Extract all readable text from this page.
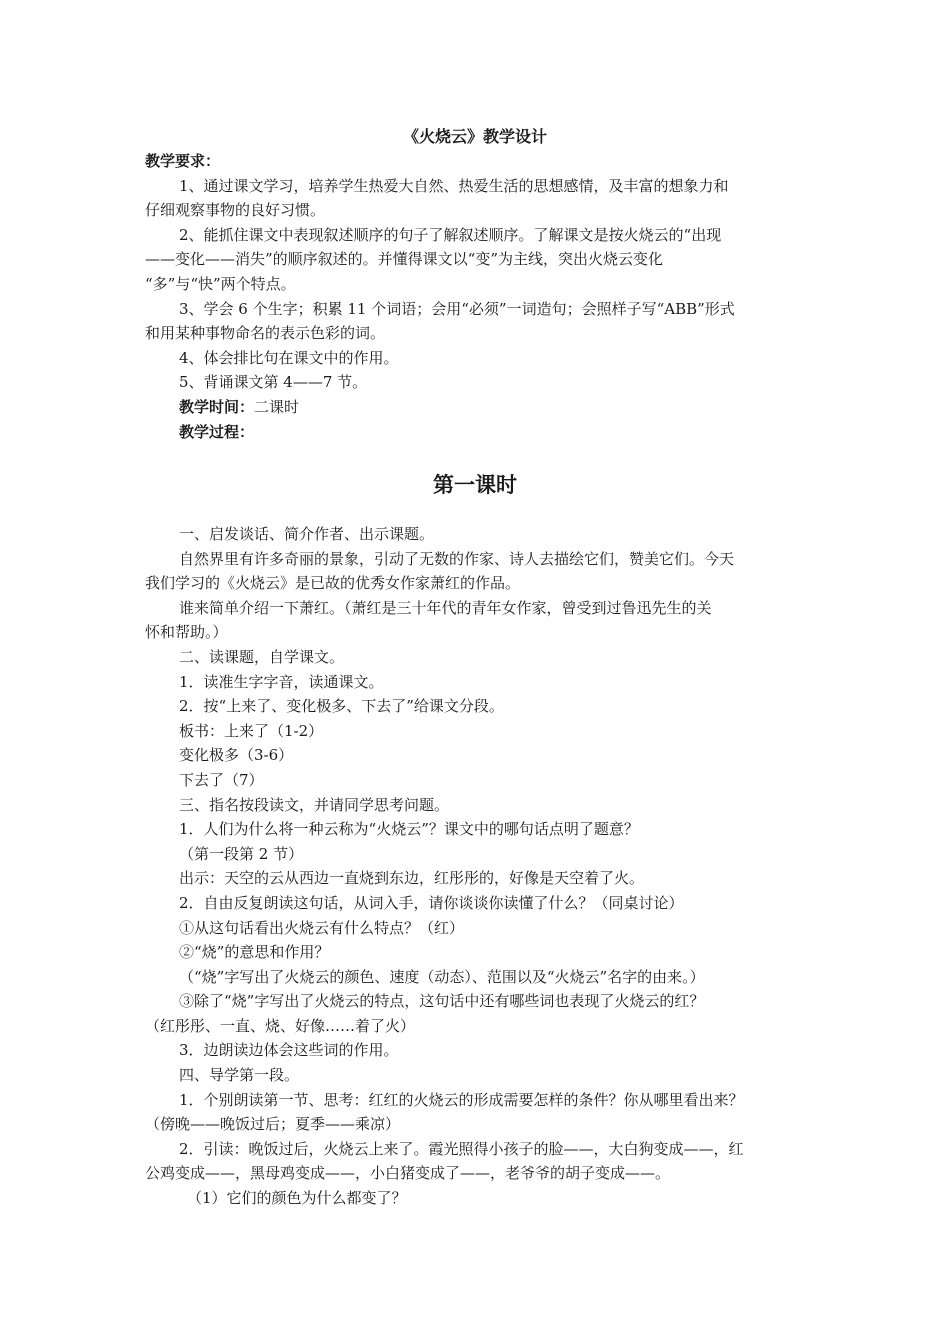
《火烧云》教学设计

教学要求：

1、通过课文学习，培养学生热爱大自然、热爱生活的思想感情，及丰富的想象力和

仔细观察事物的良好习惯。

2、能抓住课文中表现叙述顺序的句子了解叙述顺序。了解课文是按火烧云的“出现

——变化——消失”的顺序叙述的。并懂得课文以“变”为主线，突出火烧云变化

“多”与“快”两个特点。

3、学会 6 个生字；积累 11 个词语；会用“必须”一词造句；会照样子写“ABB”形式

和用某种事物命名的表示色彩的词。

4、体会排比句在课文中的作用。

5、背诵课文第 4——7 节。

教学时间：二课时

教学过程：

第一课时

一、启发谈话、简介作者、出示课题。

自然界里有许多奇丽的景象，引动了无数的作家、诗人去描绘它们，赞美它们。今天

我们学习的《火烧云》是已故的优秀女作家萧红的作品。

谁来简单介绍一下萧红。（萧红是三十年代的青年女作家，曾受到过鲁迅先生的关

怀和帮助。）

二、读课题，自学课文。

1．读准生字字音，读通课文。

2．按“上来了、变化极多、下去了”给课文分段。

板书：上来了（1-2）

变化极多（3-6）

下去了（7）

三、指名按段读文，并请同学思考问题。

1．人们为什么将一种云称为“火烧云”？课文中的哪句话点明了题意？

（第一段第 2 节）

出示：天空的云从西边一直烧到东边，红彤彤的，好像是天空着了火。

2．自由反复朗读这句话，从词入手，请你谈谈你读懂了什么？（同桌讨论）

①从这句话看出火烧云有什么特点？（红）

②“烧”的意思和作用？

（“烧”字写出了火烧云的颜色、速度（动态）、范围以及“火烧云”名字的由来。）

③除了“烧”字写出了火烧云的特点，这句话中还有哪些词也表现了火烧云的红？

（红彤彤、一直、烧、好像……着了火）

3．边朗读边体会这些词的作用。

四、导学第一段。

1．个别朗读第一节、思考：红红的火烧云的形成需要怎样的条件？你从哪里看出来？

（傍晚——晚饭过后；夏季——乘凉）

2．引读：晚饭过后，火烧云上来了。霞光照得小孩子的脸——，大白狗变成——，红

公鸡变成——，黑母鸡变成——，小白猪变成了——，老爷爷的胡子变成——。

（1）它们的颜色为什么都变了？
